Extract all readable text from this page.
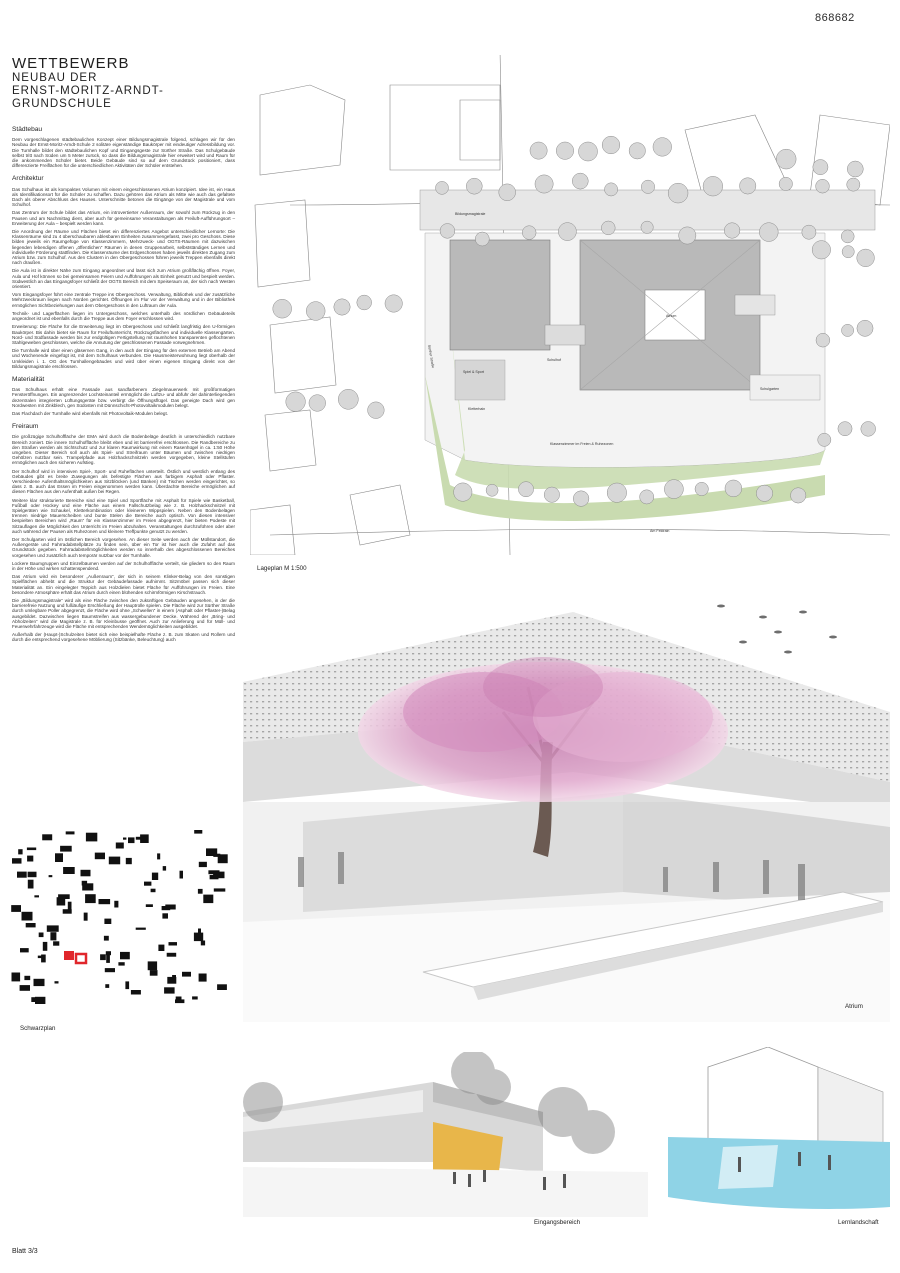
868682
WETTBEWERB
NEUBAU DER
ERNST-MORITZ-ARNDT-GRUNDSCHULE
Städtebau

Dem vorgeschlagenen städtebaulichen Konzept einer Bildungsmagistrale folgend, schlagen wir für den Neubau der Ernst-Moritz-Arndt-Schule 2 solitäre eigenständige Baukörper mit eindeutiger Adressbildung vor. Die Turnhalle bildet den städtebaulichen Kopf und Eingangsgeste zur Sürther Straße. Das Schulgebäude selbst tritt nach Süden um 5 Meter zurück, so dass die Bildungsmagistrale hier erweitert wird und Raum für die ankommenden Schüler bietet. Beide Gebäude sind so auf dem Grundstück positioniert, dass differenzierte Freiflächen für die unterschiedlichen Aktivitäten der Schüler entstehen.

Architektur

Das Schulhaus ist als kompaktes Volumen mit einem eingeschlossenen Atrium konzipiert. Idee ist, ein Haus als Identifikationsort für die Schüler zu schaffen. Dazu gehören das Atrium als Mitte wie auch das gefaltete Dach als oberer Abschluss des Hauses. Unterschnitte betonen die Eingänge von der Magistrale und vom Schulhof.

Das Zentrum der Schule bildet das Atrium, ein introvertierter Außenraum, der sowohl zum Rückzug in den Pausen und am Nachmittag dient, aber auch für gemeinsame Veranstaltungen als Freiluft-Aufführungsort – Erweiterung der Aula – bespielt werden kann.

Die Anordnung der Räume und Flächen bietet ein differenziertes Angebot unterschiedlicher Lernorte: Die Klassenräume sind zu 4 überschaubaren ablesbaren Einheiten zusammengefasst, zwei pro Geschoss. Diese bilden jeweils ein Raumgefüge von Klassenzimmern, Mehrzweck- und OGTS-Räumen mit dazwischen liegenden lebendigen offenen „öffentlichen“ Räumen in denen Gruppenarbeit, selbstständiges Lernen und individuelle Förderung stattfinden. Die Klassenräume des Erdgeschosses haben jeweils direkten Zugang zum Atrium bzw. zum Schulhof. Aus den Clustern in den Obergeschossen führen jeweils Treppen ebenfalls direkt nach draußen.

Die Aula ist in direkter Nähe zum Eingang angeordnet und lässt sich zum Atrium großflächig öffnen. Foyer, Aula und Hof können so bei gemeinsamen Feiern und Aufführungen als Einheit genutzt und bespielt werden. Südwestlich an das Eingangsfoyer schließt der OGTS Bereich mit dem Speiseraum an, der sich nach Westen orientiert.

Vom Eingangsfoyer führt eine zentrale Treppe ins Obergeschoss. Verwaltung, Bibliothek und der zusätzliche Mehrzweckraum liegen nach Norden gerichtet. Öffnungen im Flur vor der Verwaltung und in der Bibliothek ermöglichen Sichtbeziehungen aus dem Obergeschoss in den Luftraum der Aula.

Technik- und Lagerflächen liegen im Untergeschoss, welches unterhalb des nördlichen Gebäudeteils angeordnet ist und ebenfalls durch die Treppe aus dem Foyer erschlossen wird.

Erweiterung: Die Fläche für die Erweiterung liegt im Obergeschoss und schließt langfristig den U-förmigen Baukörper. Bis dahin bietet sie Raum für Freiluftunterricht, Rückzugsflächen und individuelle Klassengärten. Nord- und Südfassade werden bis zur endgültigen Fertigstellung mit raumhohen transparenten geflochtenen Stahlgeweben geschlossen, welche die Annutung der geschlossenen Fassade vorwegnehmen.

Die Turnhalle wird über einen gläsernen Gang, in den auch der Eingang für den externen Betrieb am Abend und Wochenende eingefügt ist, mit dem Schulhaus verbunden. Die Hausmeisterwohnung liegt oberhalb der Umkleiden i. 1. OG des Turnhallengebäudes und wird über einen eigenen Eingang direkt von der Bildungsmagistrale erschlossen.

Materialität

Das Schulhaus erhält eine Fassade aus sandfarbenem Ziegelmauerwerk mit großformatigen Fensteröffnungen. Ein angrenzender Lochsteinanteil ermöglicht die Luftzu- und abfuhr der dahinterliegenden dezentralen integrierten Lüftungsgeräte bzw. verbirgt die Öffnungsflügel. Das geneigte Dach wird gen Nordwesten mit Zinkblech, gen Südosten mit Dünnschicht-Photovoltaikmodulen belegt.

Das Flachdach der Turnhalle wird ebenfalls mit Photovoltaik-Modulen belegt.

Freiraum

Die großzügige Schulhoffläche der EMA wird durch die Bodenbeläge deutlich in unterschiedlich nutzbare Bereich zoniert. Die innere Schulhoffläche bleibt eben und ist barrierefrei erschlossen. Die Randbereiche zu den Straßen werden als Sichtschutz und zur klaren Raumwirkung mit einem Rasenhügel in ca. 1:50 Höhe umgeben. Dieser Bereich soll auch als Spiel- und Streifraum unter Bäumen und zwischen niedrigen Gehölzen nutzbar sein. Trampelpfade aus Holzhackschnitzeln werden vorgegeben, kleine Stellstufen ermöglichen auch den sicheren Aufstieg.

Der Schulhof wird in intensiven Spiel-, Sport- und Ruheflächen unterteilt. Östlich und westlich entlang des Gebäudes gibt es breite Zuwegungen als befestigte Flächen aus farbigem Asphalt oder Pflaster. Verschiedene Aufenthaltsmöglichkeiten aus Sitzblöcken (und Bänken) mit Tischen werden eingerichtet, so dass z. B. auch das Essen im Freien eingenommen werden kann. Überdachte Bereiche ermöglichen auf diesen Flächen aus den Aufenthalt außen bei Regen.

Weitere klar strukturierte Bereiche sind eine Spiel und Sportfläche mit Asphalt für Spiele wie Basketball, Fußball oder Hockey und eine Fläche aus einem Fallschutzbelag wie z. B. Holzhackschnitzel mit Spielgeräten wie Schaukel, Kletterkombination oder kleineren Wippspielen. Neben den Bodenbelägen trennen niedrige Mauerscheiben und bunte Stelen die Bereiche auch optisch. Von diesen intensiver bespielten Bereichen wird „Raum“ für ein Klassenzimmer im Freien abgegrenzt, hier bieten Podeste mit Sitzauflagen die Möglichkeit den Unterricht im Freien abzuhalten. Veranstaltungen durchzuführen oder aber auch während der Pausen als Ruhezonen und kleinere Treffpunkte genutzt zu werden.

Der Schulgarten wird im östlichen Bereich vorgesehen. An dieser Seite werden auch der Müllstandort, die Außengeräte und Fahrradabstellplätze zu finden sein, über ein Tor ist hier auch die Zufahrt auf das Grundstück gegeben. Fahrradabstellmöglichkeiten werden so innerhalb des abgeschlossenen Bereiches vorgesehen und zusätzlich auch temporär nutzbar vor der Turnhalle.

Lockere Baumgruppen und Einzelbäumen werden auf der Schulhoffläche verteilt, sie gliedern so den Raum in der Höhe und wirken schattenspendend.

Das Atrium wird ein besonderer „Außenraum“, der sich in seinem Klinker-Belag von den sonstigen Spielflächen abhebt und die Struktur der Gebäudefassade aufnimmt. Sitzmöbel passen sich dieser Materialität an. Ein eingelegter Teppich aus Holzdielen bietet Fläche für Aufführungen im Freien. Eine besondere Atmosphäre erhält das Atrium durch einen blühenden schirmförmigen Kirschstrauch.

Die „Bildungsmagistrale“ wird als eine Fläche zwischen den zukünftigen Gebäuden angesehen, in der die barrierefreie Nutzung und fußläufige Erschließung der Hauptrolle spielen. Die Fläche wird zur Sürther Straße durch umlegbare Poller abgegrenzt, die Fläche wird ohne „Schwellen“ in einem (Asphalt oder Pflaster-)Belag ausgebildet. Dazwischen liegen Baumstreifen aus wassergebundener Decke. Während der „Bring- und Abholzeiten“ wird die Magistrale z. B. für Kleinbusse geöffnet. Auch zur Anlieferung und für Müll- und Feuerwehrfahrzeuge wird die Fläche mit entsprechenden Wendemöglichkeiten ausgebildet.

Außerhalb der (Haupt-)Schulzeiten bietet sich eine beispielhafte Fläche z. B. zum Skaten und Rollern und durch die entsprechend vorgesehene Möblierung (Sitzbänke, Beleuchtung) auch

Bildungsmagistrale
Atrium
Spiel & Sport
Schulhof
Kletterhain
Schulgarten
Klassenzimmer im Freien & Ruhezonen
Sürther Straße
Am Feldrain
Lageplan M 1:500
Atrium
Schwarzplan
Eingangsbereich	Lernlandschaft
Blatt 3/3
